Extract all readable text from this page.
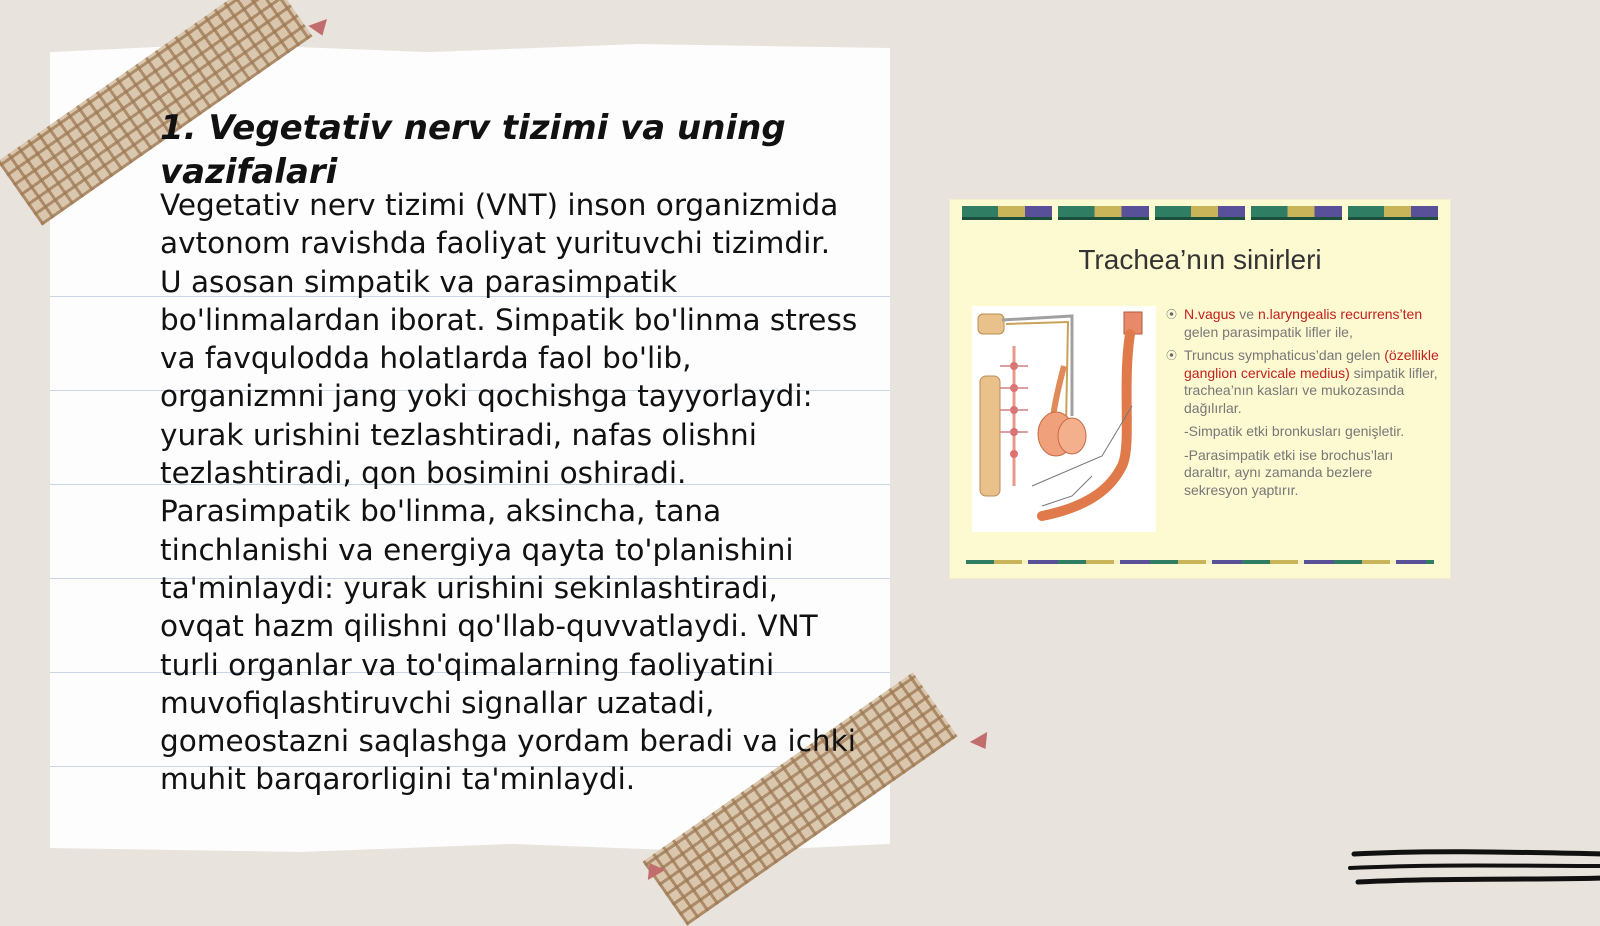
1. Vegetativ nerv tizimi va uning vazifalari

Vegetativ nerv tizimi (VNT) inson organizmida avtonom ravishda faoliyat yurituvchi tizimdir. U asosan simpatik va parasimpatik bo'linmalardan iborat. Simpatik bo'linma stress va favqulodda holatlarda faol bo'lib, organizmni jang yoki qochishga tayyorlaydi: yurak urishini tezlashtiradi, nafas olishni tezlashtiradi, qon bosimini oshiradi. Parasimpatik bo'linma, aksincha, tana tinchlanishi va energiya qayta to'planishini ta'minlaydi: yurak urishini sekinlashtiradi, ovqat hazm qilishni qo'llab-quvvatlaydi. VNT turli organlar va to'qimalarning faoliyatini muvofiqlashtiruvchi signallar uzatadi, gomeostazni saqlashga yordam beradi va ichki muhit barqarorligini ta'minlaydi.

Trachea’nın sinirleri
⦿ N.vagus ve n.laryngealis recurrens’ten gelen parasimpatik lifler ile,
⦿ Truncus symphaticus’dan gelen (özellikle ganglion cervicale medius) simpatik lifler, trachea’nın kasları ve mukozasında dağılırlar.
-Simpatik etki bronkusları genişletir.
-Parasimpatik etki ise brochus’ları daraltır, aynı zamanda bezlere sekresyon yaptırır.
